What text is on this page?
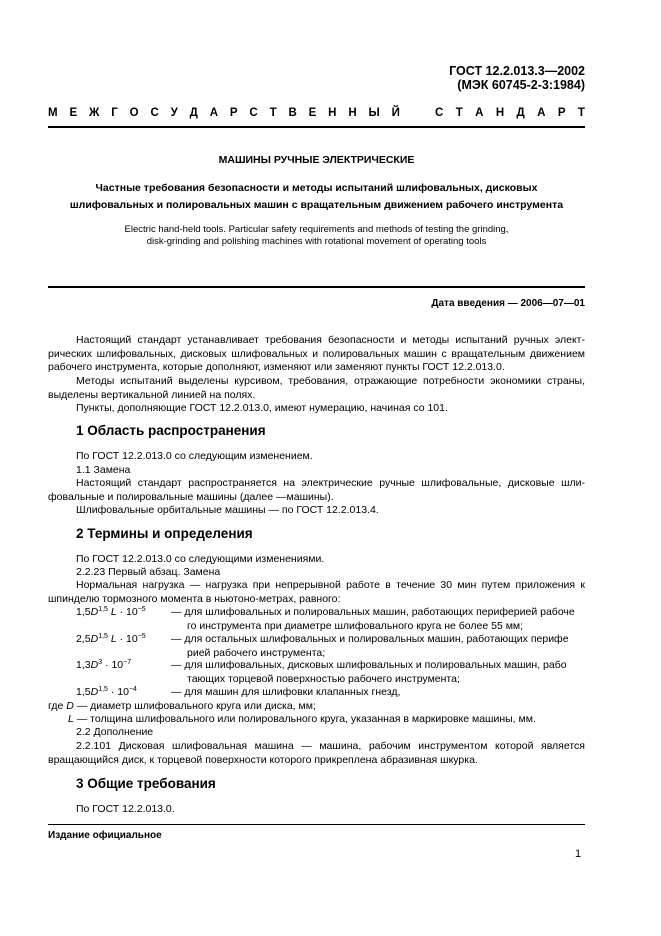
ГОСТ 12.2.013.3—2002
(МЭК 60745-2-3:1984)
М Е Ж Г О С У Д А Р С Т В Е Н Н Ы Й	С Т А Н Д А Р Т
МАШИНЫ РУЧНЫЕ ЭЛЕКТРИЧЕСКИЕ
Частные требования безопасности и методы испытаний шлифовальных, дисковых
шлифовальных и полировальных машин с вращательным движением рабочего инструмента
Electric hand-held tools. Particular safety requirements and methods of testing the grinding,
disk-grinding and polishing machines with rotational movement of operating tools
Дата введения — 2006—07—01
Настоящий стандарт устанавливает требования безопасности и методы испытаний ручных электрических шлифовальных, дисковых шлифовальных и полировальных машин с вращательным движением рабочего инструмента, которые дополняют, изменяют или заменяют пункты ГОСТ 12.2.013.0.
Методы испытаний выделены курсивом, требования, отражающие потребности экономики страны, выделены вертикальной линией на полях.
Пункты, дополняющие ГОСТ 12.2.013.0, имеют нумерацию, начиная со 101.
1 Область распространения
По ГОСТ 12.2.013.0 со следующим изменением.
1.1 Замена
Настоящий стандарт распространяется на электрические ручные шлифовальные, дисковые шлифовальные и полировальные машины (далее —машины).
Шлифовальные орбитальные машины — по ГОСТ 12.2.013.4.
2 Термины и определения
По ГОСТ 12.2.013.0 со следующими изменениями.
2.2.23 Первый абзац. Замена
Нормальная нагрузка — нагрузка при непрерывной работе в течение 30 мин путем приложения к шпинделю тормозного момента в ньютоно-метрах, равного:
$1,5D^{1,5}$ $L \cdot 10^{-5}$	— для шлифовальных и полировальных машин, работающих периферией рабоче
го инструмента при диаметре шлифовального круга не более 55 мм;
$2,5D^{1,5}$ $L \cdot 10^{-5}$	— для остальных шлифовальных и полировальных машин, работающих перифе
рией рабочего инструмента;
$1,3D^3 \cdot 10^{-7}$	— для шлифовальных, дисковых шлифовальных и полировальных машин, рабо
тающих торцевой поверхностью рабочего инструмента;
$1,5D^{1,5} \cdot 10^{-4}$	— для машин для шлифовки клапанных гнезд,
где D — диаметр шлифовального круга или диска, мм;
L — толщина шлифовального или полировального круга, указанная в маркировке машины, мм.
2.2 Дополнение
2.2.101 Дисковая шлифовальная машина — машина, рабочим инструментом которой является вращающийся диск, к торцевой поверхности которого прикреплена абразивная шкурка.
3 Общие требования
По ГОСТ 12.2.013.0.
Издание официальное
1
